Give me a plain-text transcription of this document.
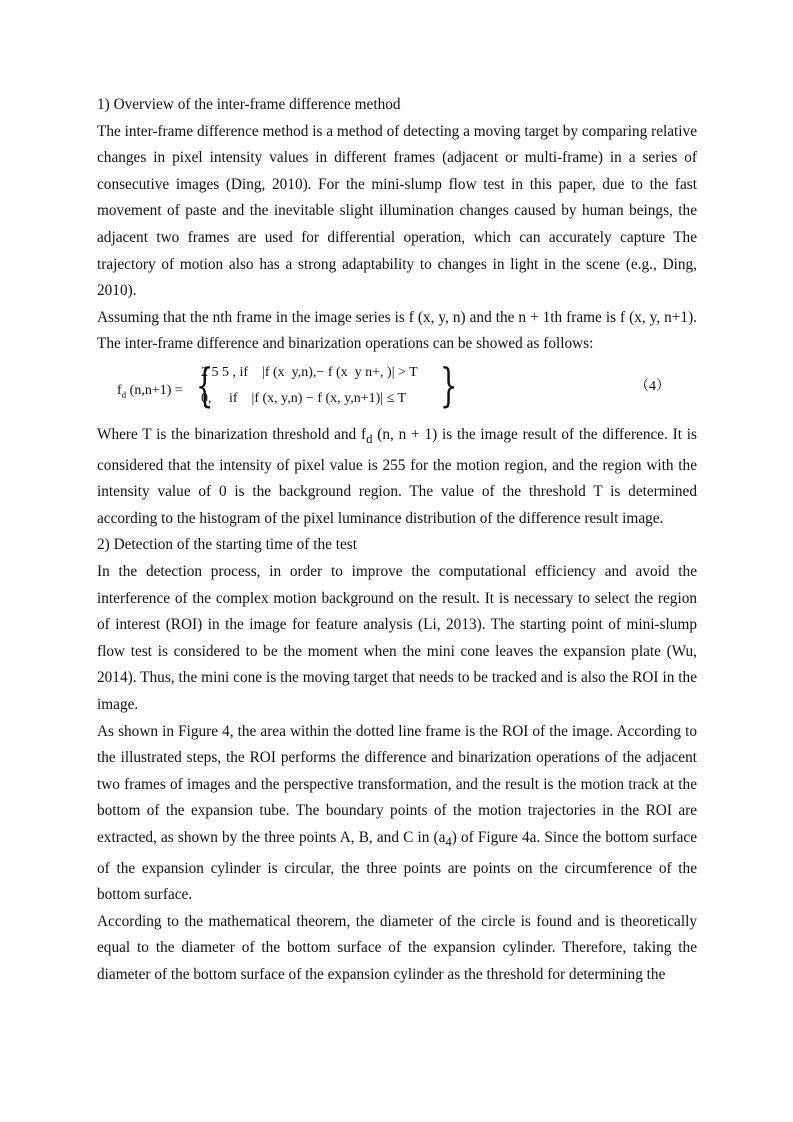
1) Overview of the inter-frame difference method

The inter-frame difference method is a method of detecting a moving target by comparing relative changes in pixel intensity values in different frames (adjacent or multi-frame) in a series of consecutive images (Ding, 2010). For the mini-slump flow test in this paper, due to the fast movement of paste and the inevitable slight illumination changes caused by human beings, the adjacent two frames are used for differential operation, which can accurately capture The trajectory of motion also has a strong adaptability to changes in light in the scene (e.g., Ding, 2010).

Assuming that the nth frame in the image series is f (x, y, n) and the n + 1th frame is f (x, y, n+1). The inter-frame difference and binarization operations can be showed as follows:

$f_d$ (n,n+1) = {
2 5 5 , if    |f (x  y,n),− f (x  y n+, )| > T
0,     if    |f (x, y,n) − f (x, y,n+1)| ≤ T }	（4）

Where T is the binarization threshold and $f_d$ (n, n + 1) is the image result of the difference. It is considered that the intensity of pixel value is 255 for the motion region, and the region with the intensity value of 0 is the background region. The value of the threshold T is determined according to the histogram of the pixel luminance distribution of the difference result image.

2) Detection of the starting time of the test

In the detection process, in order to improve the computational efficiency and avoid the interference of the complex motion background on the result. It is necessary to select the region of interest (ROI) in the image for feature analysis (Li, 2013). The starting point of mini-slump flow test is considered to be the moment when the mini cone leaves the expansion plate (Wu, 2014). Thus, the mini cone is the moving target that needs to be tracked and is also the ROI in the image.

As shown in Figure 4, the area within the dotted line frame is the ROI of the image. According to the illustrated steps, the ROI performs the difference and binarization operations of the adjacent two frames of images and the perspective transformation, and the result is the motion track at the bottom of the expansion tube. The boundary points of the motion trajectories in the ROI are extracted, as shown by the three points A, B, and C in $(a_4)$ of Figure 4a. Since the bottom surface of the expansion cylinder is circular, the three points are points on the circumference of the bottom surface.

According to the mathematical theorem, the diameter of the circle is found and is theoretically equal to the diameter of the bottom surface of the expansion cylinder. Therefore, taking the diameter of the bottom surface of the expansion cylinder as the threshold for determining the
